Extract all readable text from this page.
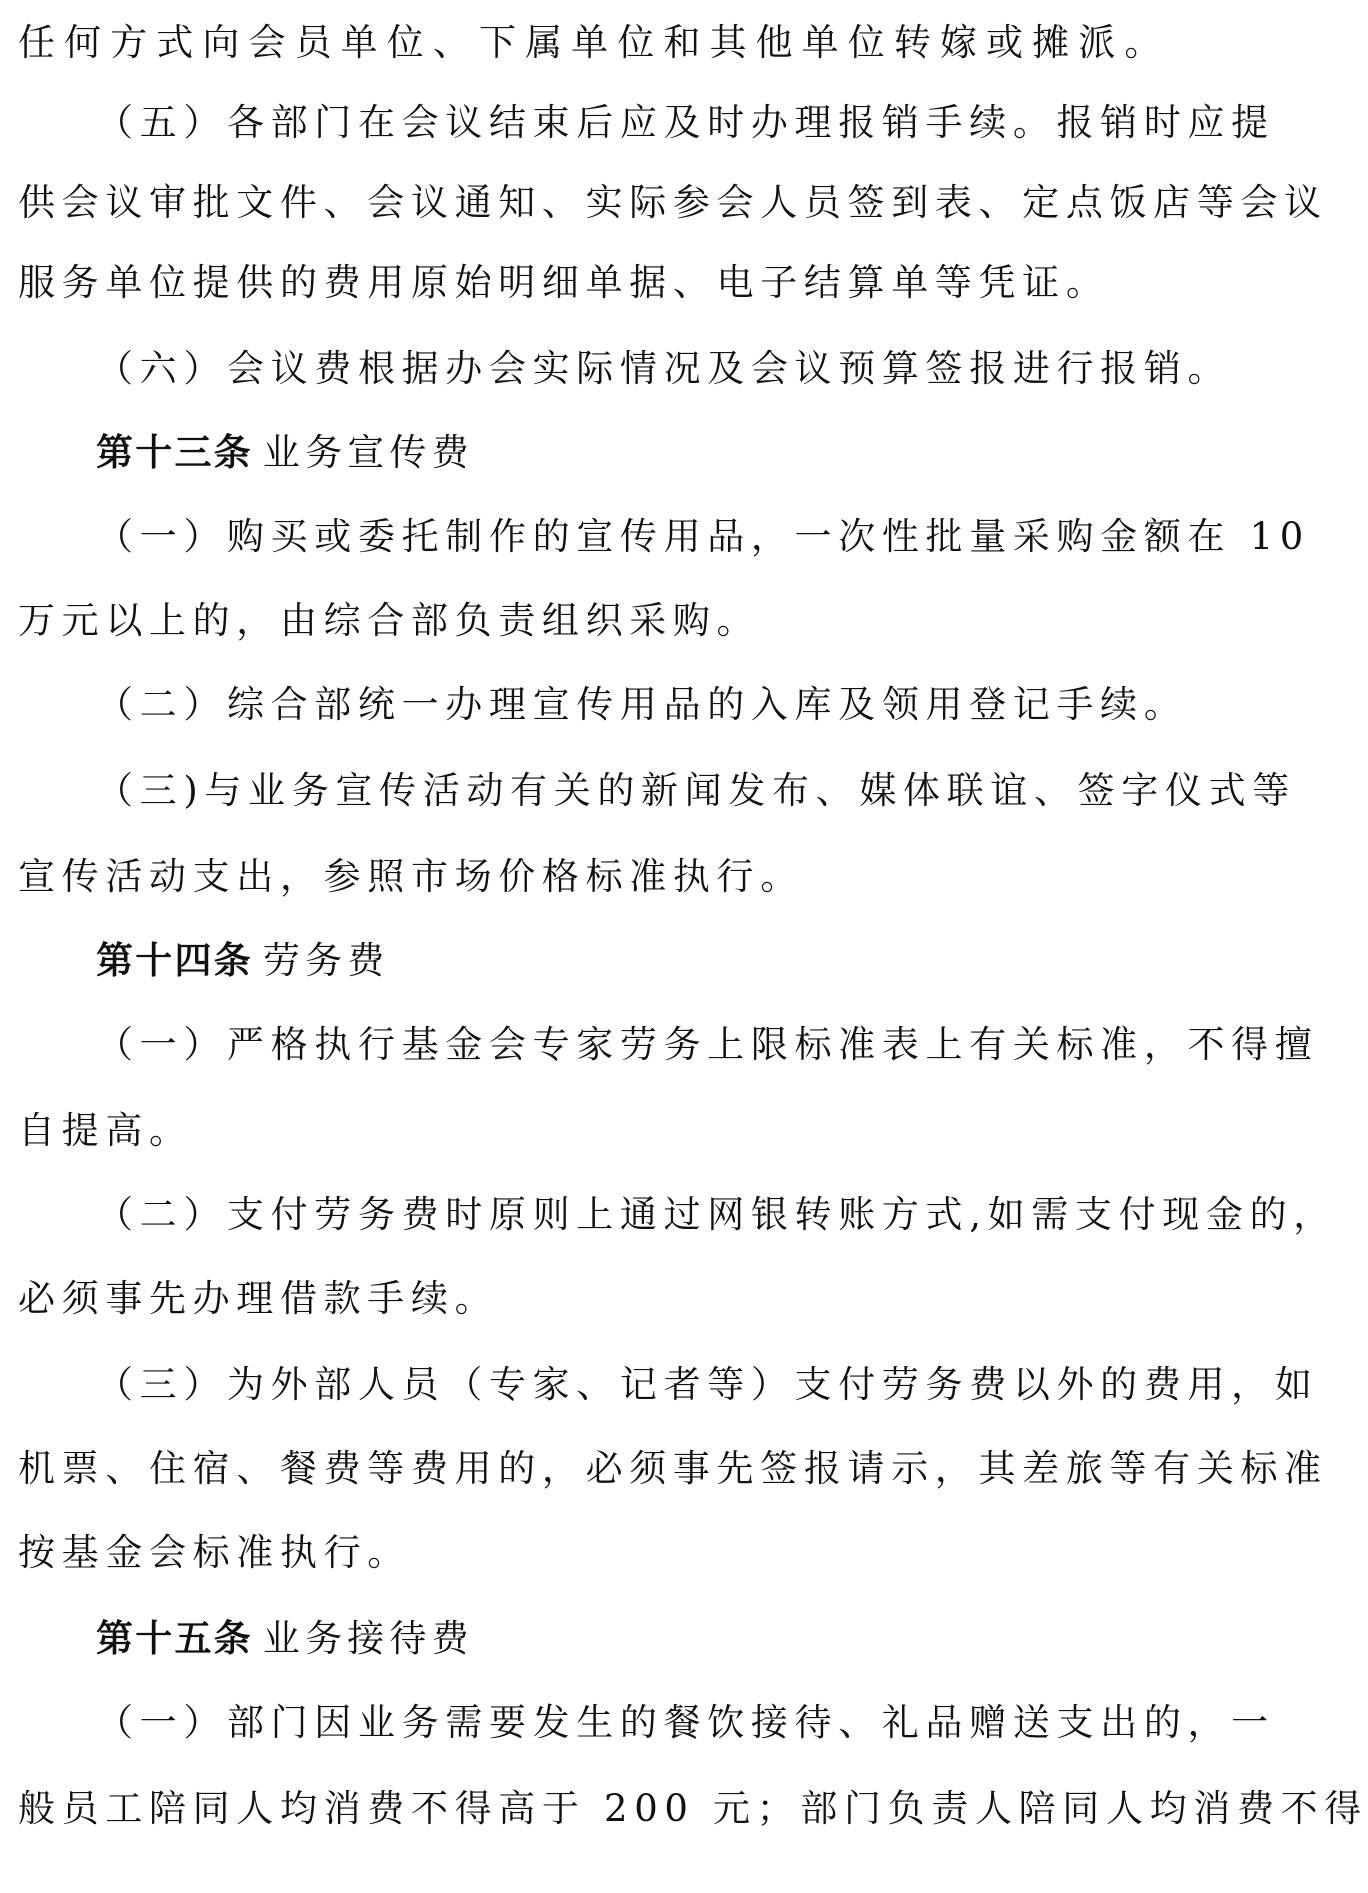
任何方式向会员单位、下属单位和其他单位转嫁或摊派。
（五）各部门在会议结束后应及时办理报销手续。报销时应提
供会议审批文件、会议通知、实际参会人员签到表、定点饭店等会议
服务单位提供的费用原始明细单据、电子结算单等凭证。
（六）会议费根据办会实际情况及会议预算签报进行报销。
第十三条 业务宣传费
（一）购买或委托制作的宣传用品，一次性批量采购金额在 10
万元以上的，由综合部负责组织采购。
（二）综合部统一办理宣传用品的入库及领用登记手续。
（三)与业务宣传活动有关的新闻发布、媒体联谊、签字仪式等
宣传活动支出，参照市场价格标准执行。
第十四条 劳务费
（一）严格执行基金会专家劳务上限标准表上有关标准，不得擅
自提高。
（二）支付劳务费时原则上通过网银转账方式,如需支付现金的，
必须事先办理借款手续。
（三）为外部人员（专家、记者等）支付劳务费以外的费用，如
机票、住宿、餐费等费用的，必须事先签报请示，其差旅等有关标准
按基金会标准执行。
第十五条 业务接待费
（一）部门因业务需要发生的餐饮接待、礼品赠送支出的，一
般员工陪同人均消费不得高于 200 元；部门负责人陪同人均消费不得
